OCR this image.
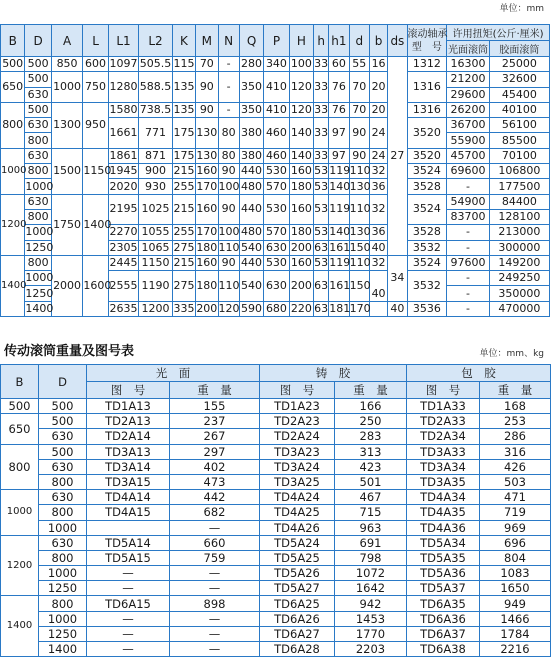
单位：mm
B	D	A	L	L1	L2	K	M	N	Q	P	H	h	h1	d	b	ds	滚动轴承
型　号	许用扭矩(公斤·厘米)	
																		光面滚筒	胶面滚筒
500	500	850	600	1097	505.5	115	70	-	280	340	100	33	60	55	16	27	1312	16300	25000
650	500	1000	750	1280	588.5	135	90	-	350	410	120	33	76	70	20		1316	21200	32600
	630																	29600	45400
800	500	1300	950	1580	738.5	135	90	-	350	410	120	33	76	70	20		1316	26200	40100
	630			1661	771	175	130	80	380	460	140	33	97	90	24		3520	36700	56100
	800																	55900	85500
1000	630	1500	1150	1861	871	175	130	80	380	460	140	33	97	90	24		3520	45700	70100
	800			1945	900	215	160	90	440	530	160	53	119	110	32		3524	69600	106800
	1000			2020	930	255	170	100	480	570	180	53	140	130	36		3528	-	177500
1200	630	1750	1400	2195	1025	215	160	90	440	530	160	53	119	110	32		3524	54900	84400
	800																	83700	128100
	1000			2270	1055	255	170	100	480	570	180	53	140	130	36		3528	-	213000
	1250			2305	1065	275	180	110	540	630	200	63	161	150	40		3532	-	300000
1400	800	2000	1600	2445	1150	215	160	90	440	530	160	53	119	110	32	34	3524	97600	149200
	1000			2555	1190	275	180	110	540	630	200	63	161	150	40		3532	-	249250
	1250																	-	350000
	1400			2635	1200	335	200	120	590	680	220	63	181	170		40	3536	-	470000
传动滚筒重量及图号表	单位：mm、kg
B	D	光　面		铸　胶		包　胶	
		图　号	重　量	图　号	重　量	图　号	重　量
500	500	TD1A13	155	TD1A23	166	TD1A33	168
650	500	TD2A13	237	TD2A23	250	TD2A33	253
	630	TD2A14	267	TD2A24	283	TD2A34	286
800	500	TD3A13	297	TD3A23	313	TD3A33	316
	630	TD3A14	402	TD3A24	423	TD3A34	426
	800	TD3A15	473	TD3A25	501	TD3A35	503
1000	630	TD4A14	442	TD4A24	467	TD4A34	471
	800	TD4A15	682	TD4A25	715	TD4A35	719
	1000		—	TD4A26	963	TD4A36	969
1200	630	TD5A14	660	TD5A24	691	TD5A34	696
	800	TD5A15	759	TD5A25	798	TD5A35	804
	1000	—	—	TD5A26	1072	TD5A36	1083
	1250	—	—	TD5A27	1642	TD5A37	1650
1400	800	TD6A15	898	TD6A25	942	TD6A35	949
	1000	—	—	TD6A26	1453	TD6A36	1466
	1250	—	—	TD6A27	1770	TD6A37	1784
	1400	—	—	TD6A28	2203	TD6A38	2216
